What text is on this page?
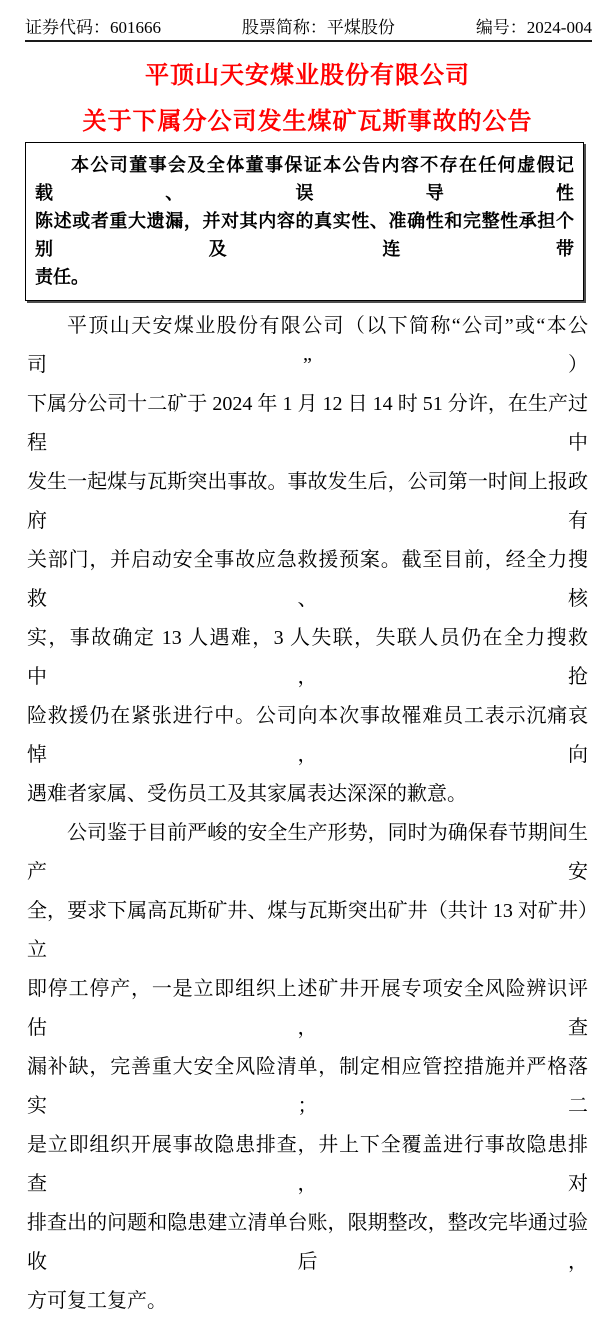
证券代码：601666	股票简称：平煤股份	编号：2024-004
平顶山天安煤业股份有限公司
关于下属分公司发生煤矿瓦斯事故的公告
本公司董事会及全体董事保证本公告内容不存在任何虚假记载、误导性
陈述或者重大遗漏，并对其内容的真实性、准确性和完整性承担个别及连带
责任。
平顶山天安煤业股份有限公司（以下简称“公司”或“本公司”）
下属分公司十二矿于 2024 年 1 月 12 日 14 时 51 分许，在生产过程中
发生一起煤与瓦斯突出事故。事故发生后，公司第一时间上报政府有
关部门，并启动安全事故应急救援预案。截至目前，经全力搜救、核
实，事故确定 13 人遇难，3 人失联，失联人员仍在全力搜救中，抢
险救援仍在紧张进行中。公司向本次事故罹难员工表示沉痛哀悼，向
遇难者家属、受伤员工及其家属表达深深的歉意。
公司鉴于目前严峻的安全生产形势，同时为确保春节期间生产安
全，要求下属高瓦斯矿井、煤与瓦斯突出矿井（共计 13 对矿井）立
即停工停产，一是立即组织上述矿井开展专项安全风险辨识评估，查
漏补缺，完善重大安全风险清单，制定相应管控措施并严格落实；二
是立即组织开展事故隐患排查，井上下全覆盖进行事故隐患排查，对
排查出的问题和隐患建立清单台账，限期整改，整改完毕通过验收后，
方可复工复产。
